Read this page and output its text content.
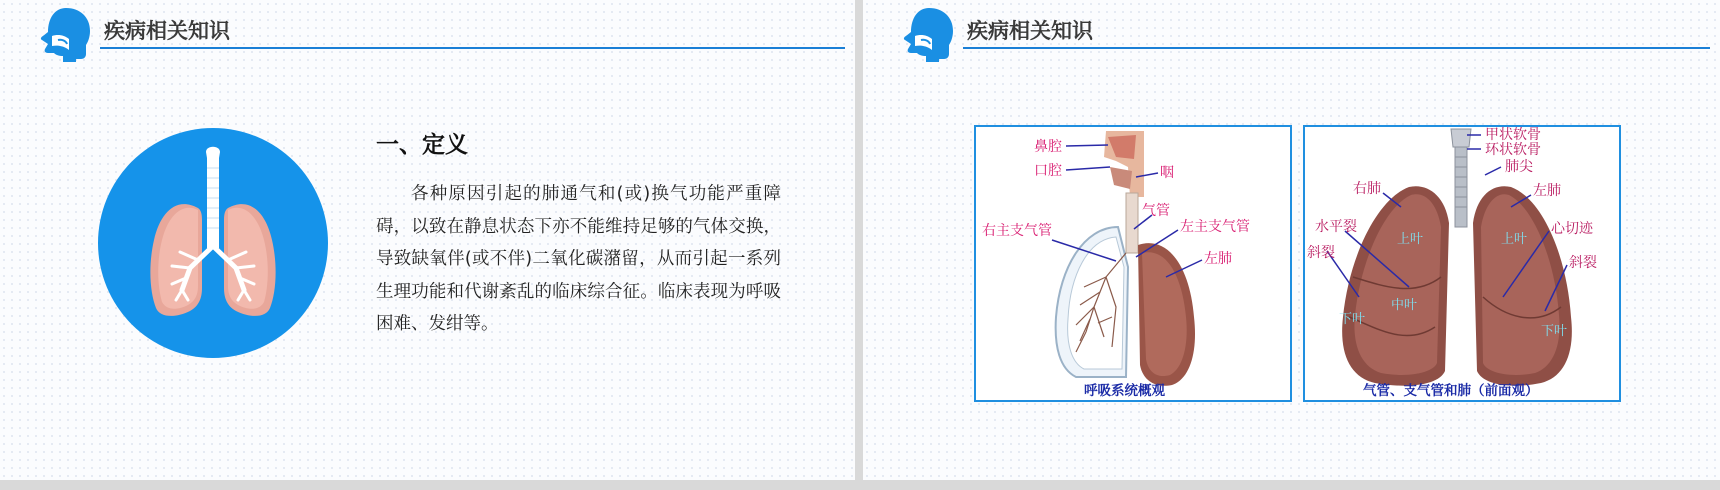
疾病相关知识
一、定义
各种原因引起的肺通气和(或)换气功能严重障碍，以致在静息状态下亦不能维持足够的气体交换，导致缺氧伴(或不伴)二氧化碳潴留，从而引起一系列生理功能和代谢紊乱的临床综合征。临床表现为呼吸困难、发绀等。
疾病相关知识
鼻腔
口腔	咽
气管
右主支气管	左主支气管
左肺
呼吸系统概观
甲状软骨
环状软骨
肺尖
右肺	左肺
水平裂	心切迹
斜裂
斜裂
上叶	上叶
中叶
下叶
下叶
气管、支气管和肺（前面观）
